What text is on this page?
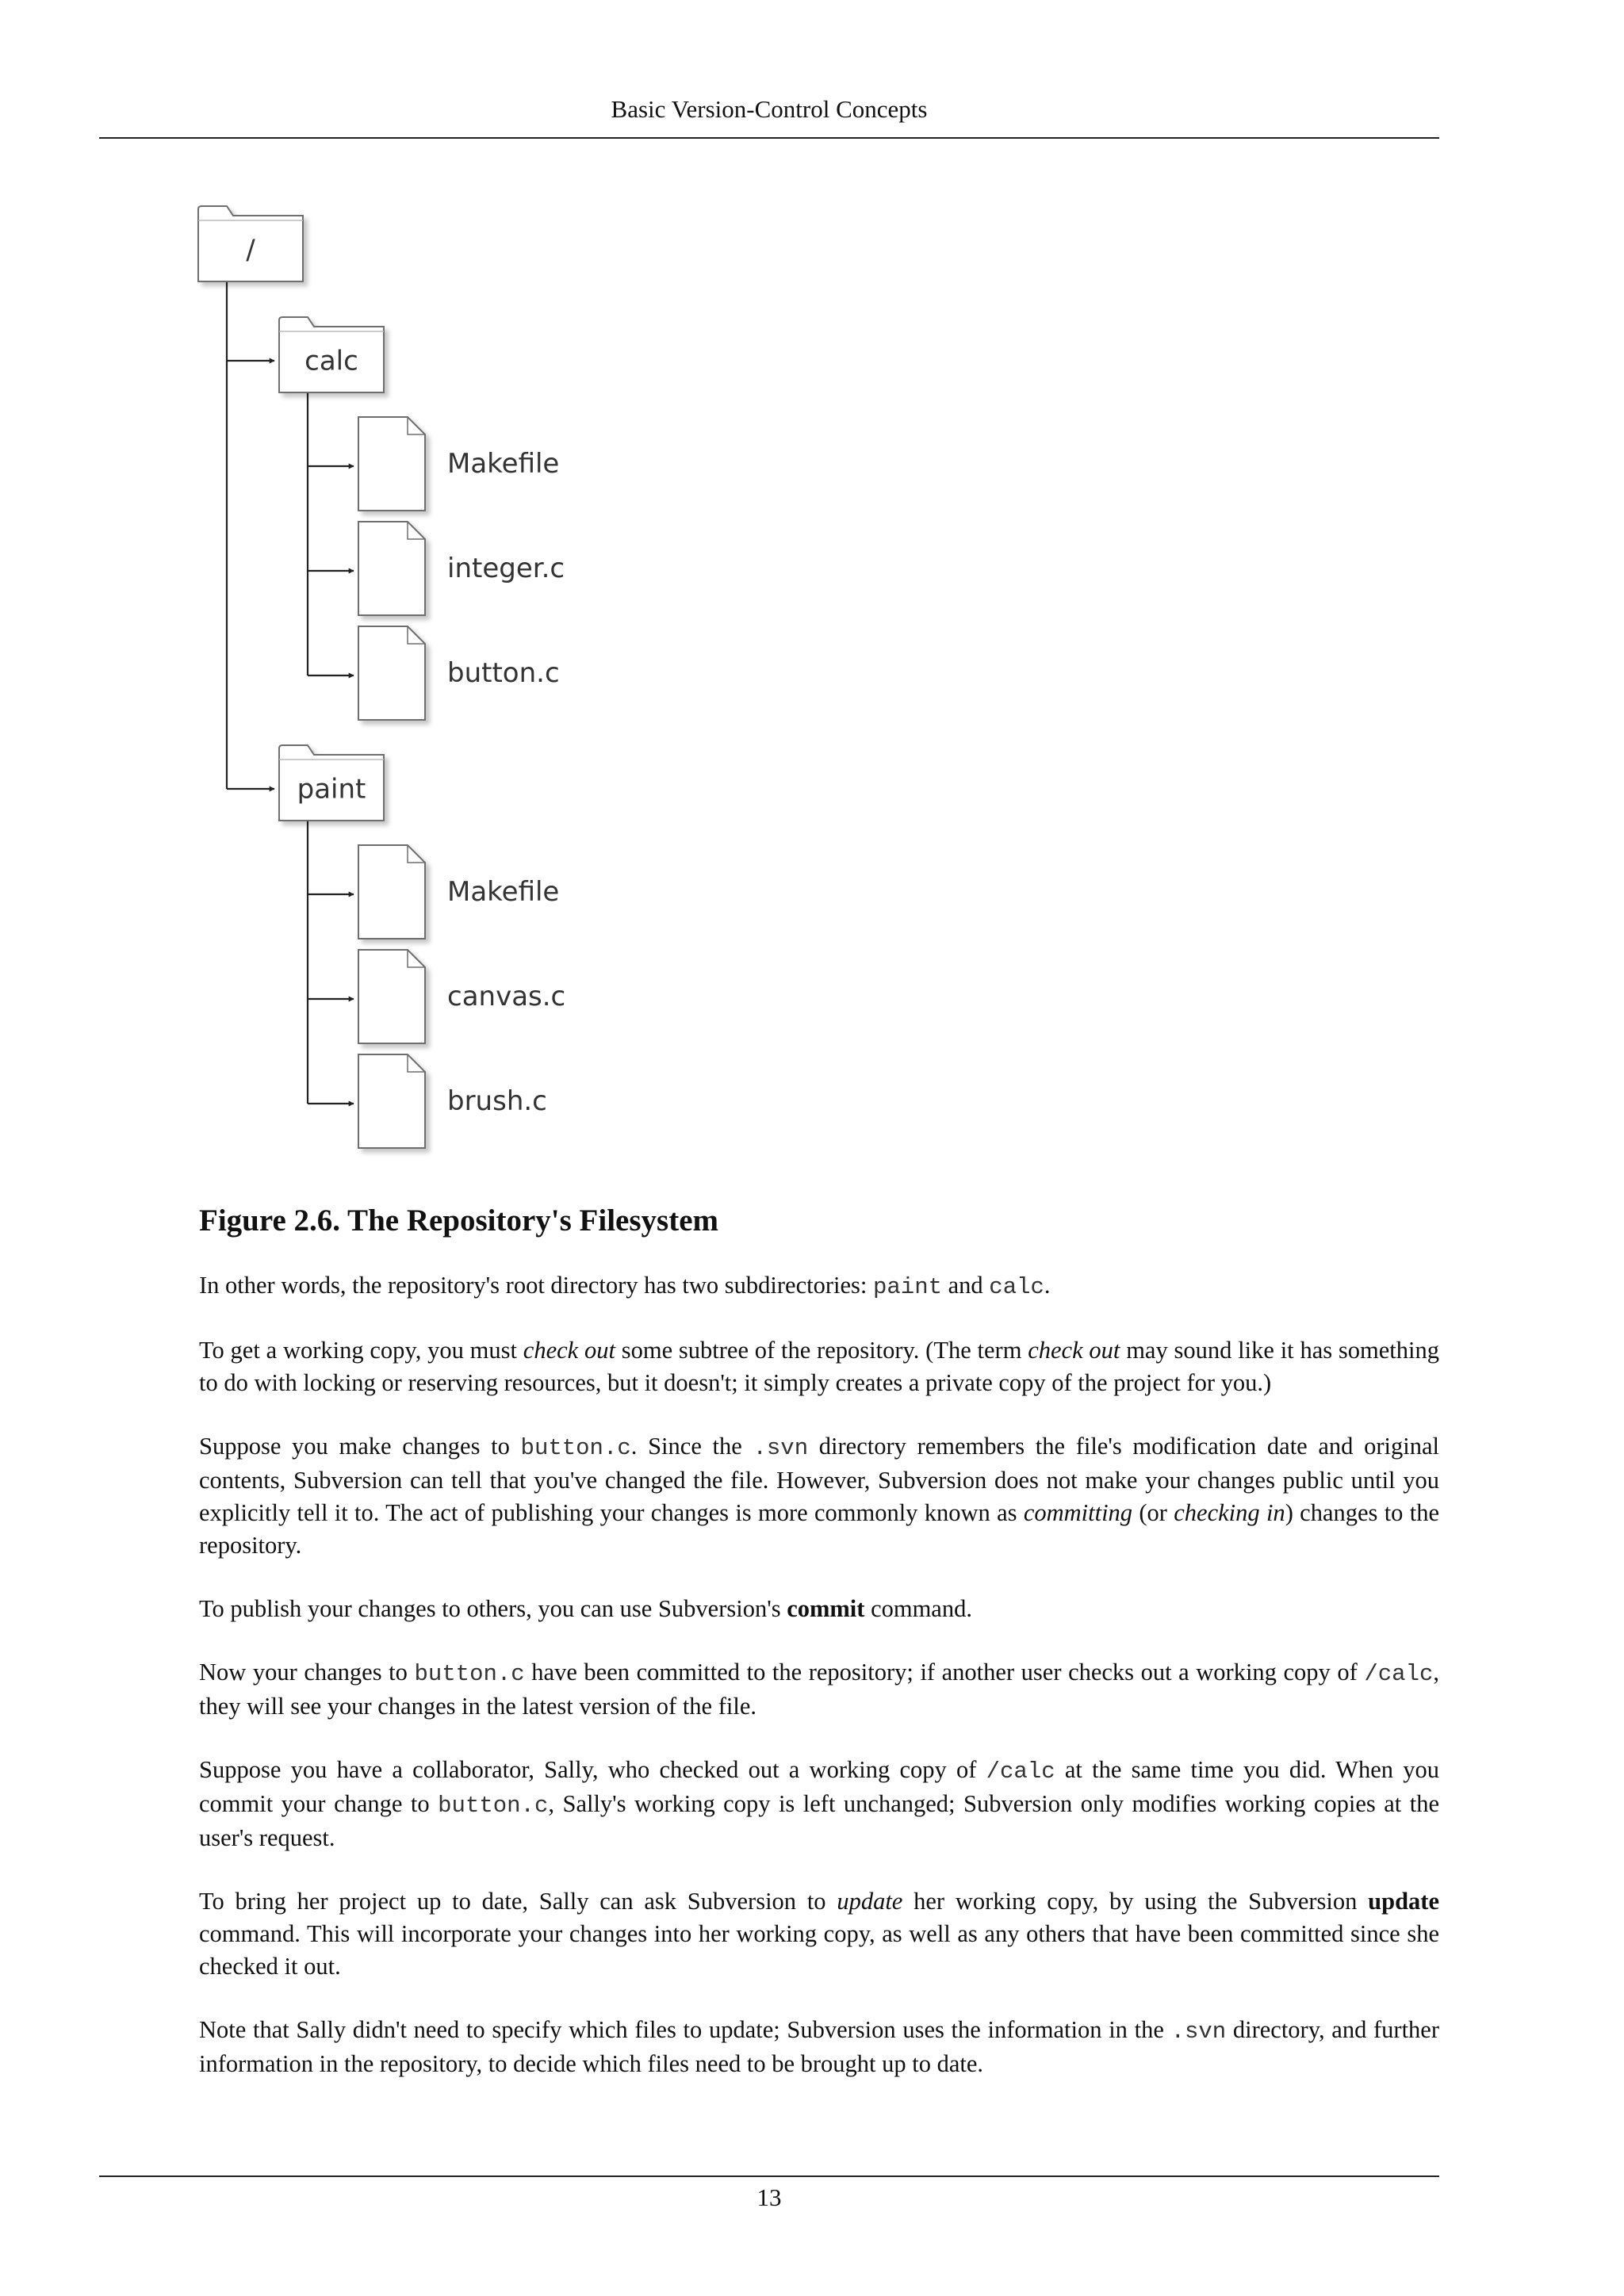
Basic Version-Control Concepts
/
calc
Makefile
integer.c
button.c
paint
Makefile
canvas.c
brush.c
Figure 2.6. The Repository's Filesystem

In other words, the repository's root directory has two subdirectories: paint and calc.

To get a working copy, you must check out some subtree of the repository. (The term check out may sound like it has something to do with locking or reserving resources, but it doesn't; it simply creates a private copy of the project for you.)

Suppose you make changes to button.c. Since the .svn directory remembers the file's modification date and original contents, Subversion can tell that you've changed the file. However, Subversion does not make your changes public until you explicitly tell it to. The act of publishing your changes is more commonly known as committing (or checking in) changes to the repository.

To publish your changes to others, you can use Subversion's commit command.

Now your changes to button.c have been committed to the repository; if another user checks out a working copy of /calc, they will see your changes in the latest version of the file.

Suppose you have a collaborator, Sally, who checked out a working copy of /calc at the same time you did. When you commit your change to button.c, Sally's working copy is left unchanged; Subversion only modifies working copies at the user's request.

To bring her project up to date, Sally can ask Subversion to update her working copy, by using the Subversion update command. This will incorporate your changes into her working copy, as well as any others that have been committed since she checked it out.

Note that Sally didn't need to specify which files to update; Subversion uses the information in the .svn directory, and further information in the repository, to decide which files need to be brought up to date.

13
